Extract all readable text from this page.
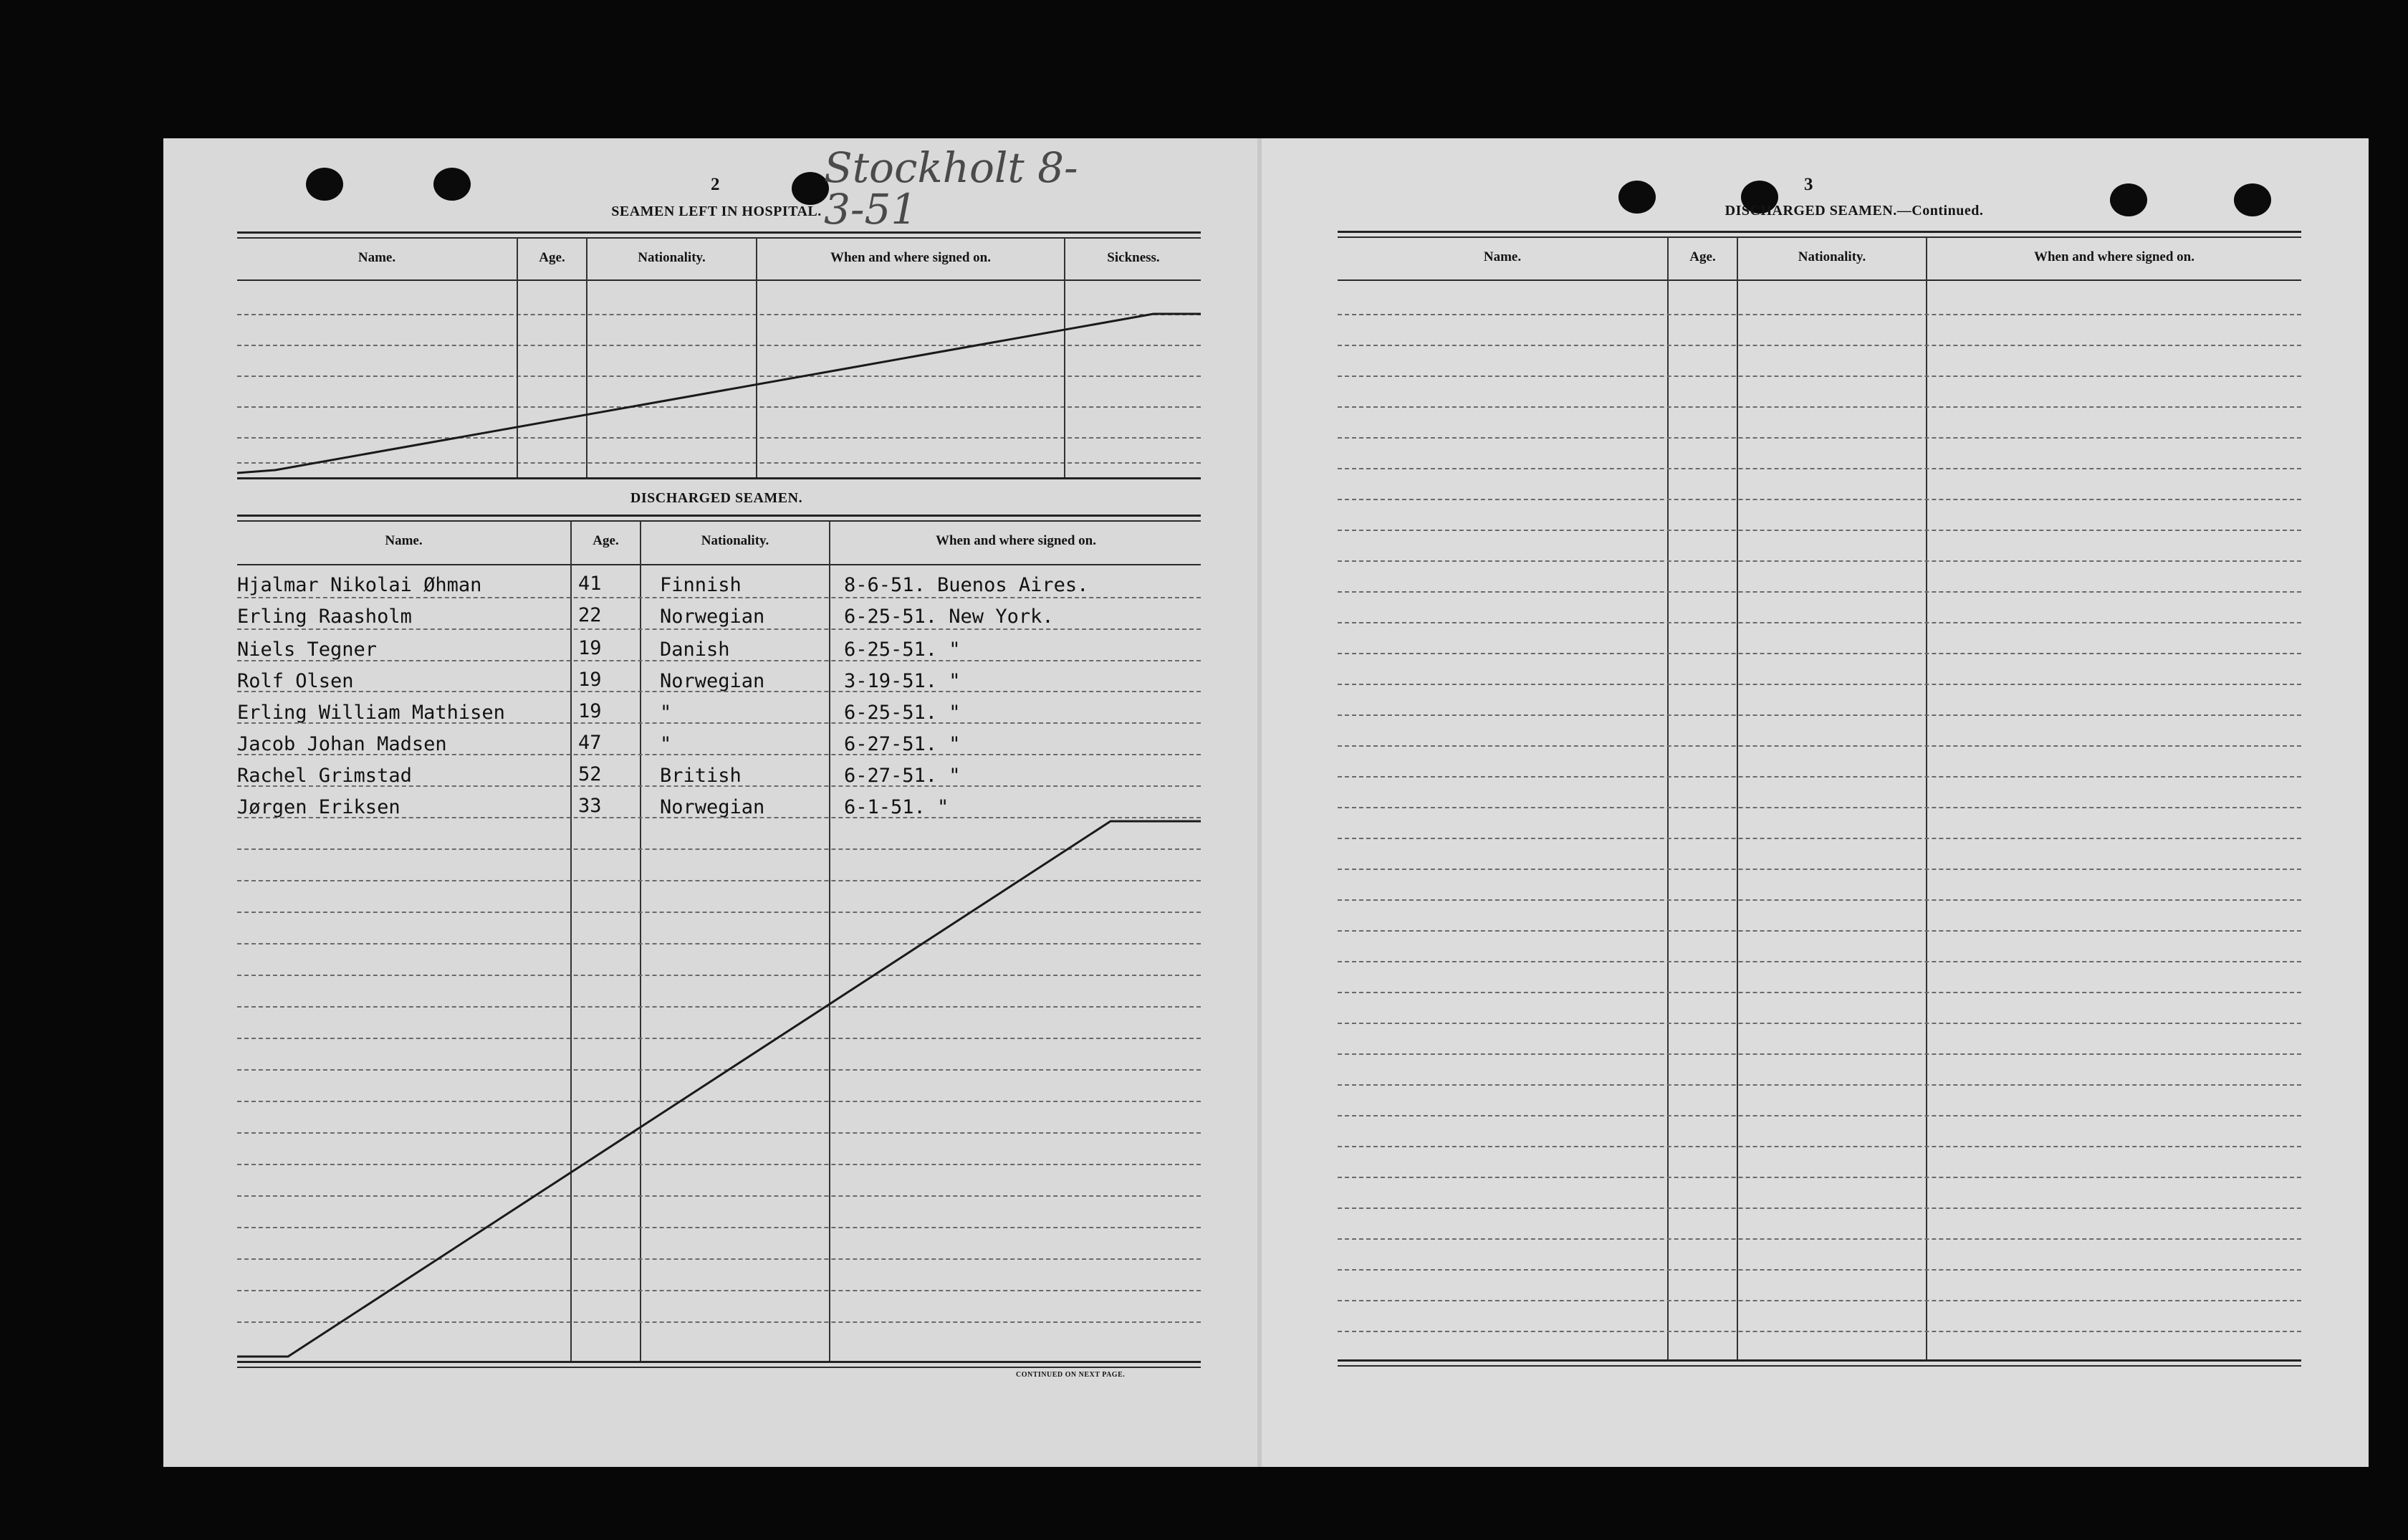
2	Stockholt 8-3-51
SEAMEN LEFT IN HOSPITAL.
Name.	Age.	Nationality.	When and where signed on.	Sickness.
DISCHARGED SEAMEN.
Name.	Age.	Nationality.	When and where signed on.
Hjalmar Nikolai Øhman	41	Finnish	8-6-51. Buenos Aires.
Erling Raasholm	22	Norwegian	6-25-51. New York.
Niels Tegner	19	Danish	6-25-51. "
Rolf Olsen	19	Norwegian	3-19-51. "
Erling William Mathisen	19	"	6-25-51. "
Jacob Johan Madsen	47	"	6-27-51. "
Rachel Grimstad	52	British	6-27-51. "
Jørgen Eriksen	33	Norwegian	6-1-51. "
CONTINUED ON NEXT PAGE.
3
DISCHARGED SEAMEN.—Continued.
Name.	Age.	Nationality.	When and where signed on.
